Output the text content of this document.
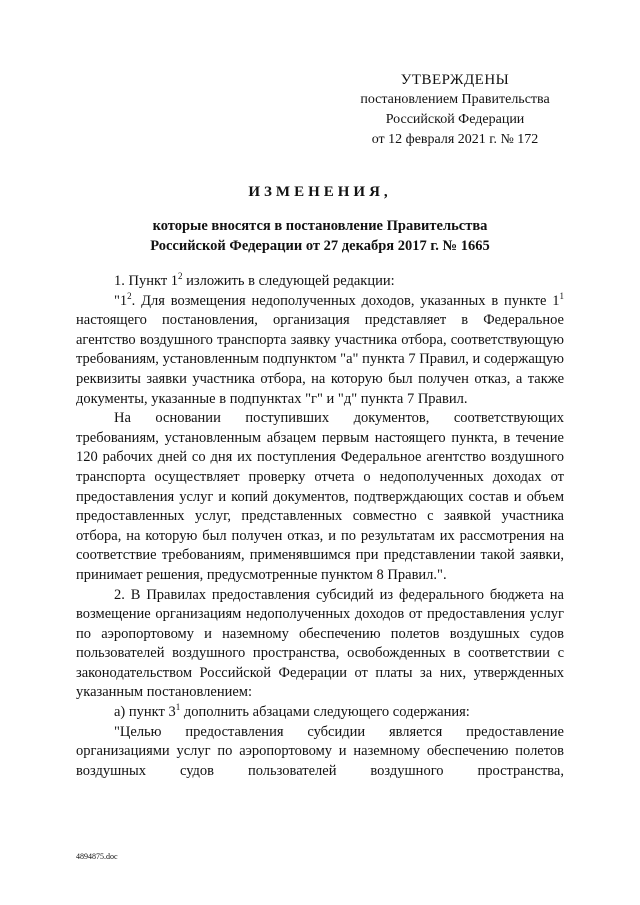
УТВЕРЖДЕНЫ
постановлением Правительства
Российской Федерации
от 12 февраля 2021 г. № 172
ИЗМЕНЕНИЯ,
которые вносятся в постановление Правительства
Российской Федерации от 27 декабря 2017 г. № 1665

1. Пункт $1^2$ изложить в следующей редакции:

"$1^2$. Для возмещения недополученных доходов, указанных в пункте $1^1$ настоящего постановления, организация представляет в Федеральное агентство воздушного транспорта заявку участника отбора, соответствующую требованиям, установленным подпунктом "а" пункта 7 Правил, и содержащую реквизиты заявки участника отбора, на которую был получен отказ, а также документы, указанные в подпунктах "г" и "д" пункта 7 Правил.

На основании поступивших документов, соответствующих требованиям, установленным абзацем первым настоящего пункта, в течение 120 рабочих дней со дня их поступления Федеральное агентство воздушного транспорта осуществляет проверку отчета о недополученных доходах от предоставления услуг и копий документов, подтверждающих состав и объем предоставленных услуг, представленных совместно с заявкой участника отбора, на которую был получен отказ, и по результатам их рассмотрения на соответствие требованиям, применявшимся при представлении такой заявки, принимает решения, предусмотренные пунктом 8 Правил.".

2. В Правилах предоставления субсидий из федерального бюджета на возмещение организациям недополученных доходов от предоставления услуг по аэропортовому и наземному обеспечению полетов воздушных судов пользователей воздушного пространства, освобожденных в соответствии с законодательством Российской Федерации от платы за них, утвержденных указанным постановлением:

а) пункт $3^1$ дополнить абзацами следующего содержания:

"Целью предоставления субсидии является предоставление организациями услуг по аэропортовому и наземному обеспечению полетов воздушных судов пользователей воздушного пространства,

4894875.doc
